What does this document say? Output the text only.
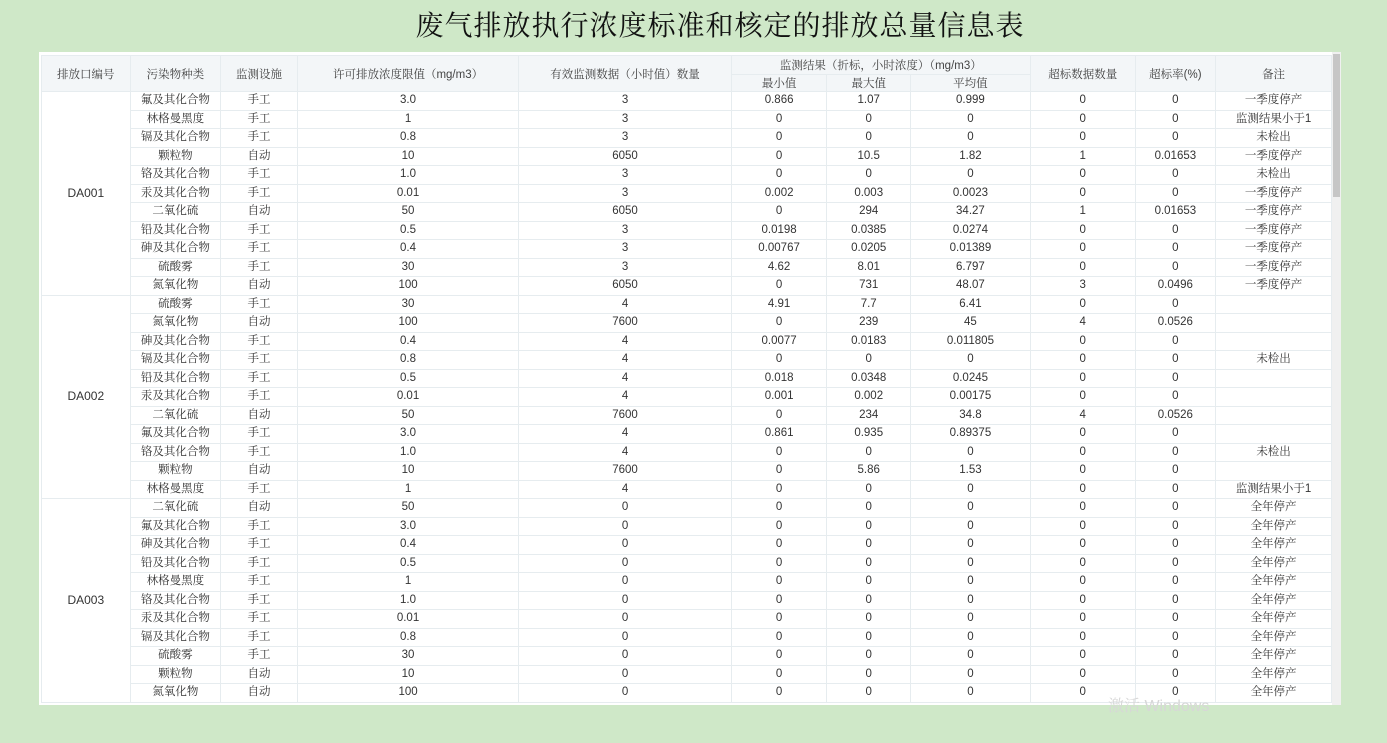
废气排放执行浓度标准和核定的排放总量信息表
排放口编号	污染物种类	监测设施	许可排放浓度限值（mg/m3）	有效监测数据（小时值）数量	监测结果（折标，小时浓度）（mg/m3）			超标数据数量	超标率(%)	备注
					最小值	最大值	平均值			
DA001	氟及其化合物	手工	3.0	3	0.866	1.07	0.999	0	0	一季度停产
	林格曼黑度	手工	1	3	0	0	0	0	0	监测结果小于1
	镉及其化合物	手工	0.8	3	0	0	0	0	0	未检出
	颗粒物	自动	10	6050	0	10.5	1.82	1	0.01653	一季度停产
	铬及其化合物	手工	1.0	3	0	0	0	0	0	未检出
	汞及其化合物	手工	0.01	3	0.002	0.003	0.0023	0	0	一季度停产
	二氧化硫	自动	50	6050	0	294	34.27	1	0.01653	一季度停产
	铅及其化合物	手工	0.5	3	0.0198	0.0385	0.0274	0	0	一季度停产
	砷及其化合物	手工	0.4	3	0.00767	0.0205	0.01389	0	0	一季度停产
	硫酸雾	手工	30	3	4.62	8.01	6.797	0	0	一季度停产
	氮氧化物	自动	100	6050	0	731	48.07	3	0.0496	一季度停产
DA002	硫酸雾	手工	30	4	4.91	7.7	6.41	0	0	
	氮氧化物	自动	100	7600	0	239	45	4	0.0526	
	砷及其化合物	手工	0.4	4	0.0077	0.0183	0.011805	0	0	
	镉及其化合物	手工	0.8	4	0	0	0	0	0	未检出
	铅及其化合物	手工	0.5	4	0.018	0.0348	0.0245	0	0	
	汞及其化合物	手工	0.01	4	0.001	0.002	0.00175	0	0	
	二氧化硫	自动	50	7600	0	234	34.8	4	0.0526	
	氟及其化合物	手工	3.0	4	0.861	0.935	0.89375	0	0	
	铬及其化合物	手工	1.0	4	0	0	0	0	0	未检出
	颗粒物	自动	10	7600	0	5.86	1.53	0	0	
	林格曼黑度	手工	1	4	0	0	0	0	0	监测结果小于1
DA003	二氧化硫	自动	50	0	0	0	0	0	0	全年停产
	氟及其化合物	手工	3.0	0	0	0	0	0	0	全年停产
	砷及其化合物	手工	0.4	0	0	0	0	0	0	全年停产
	铅及其化合物	手工	0.5	0	0	0	0	0	0	全年停产
	林格曼黑度	手工	1	0	0	0	0	0	0	全年停产
	铬及其化合物	手工	1.0	0	0	0	0	0	0	全年停产
	汞及其化合物	手工	0.01	0	0	0	0	0	0	全年停产
	镉及其化合物	手工	0.8	0	0	0	0	0	0	全年停产
	硫酸雾	手工	30	0	0	0	0	0	0	全年停产
	颗粒物	自动	10	0	0	0	0	0	0	全年停产
	氮氧化物	自动	100	0	0	0	0	0	0	全年停产
激活 Windows
